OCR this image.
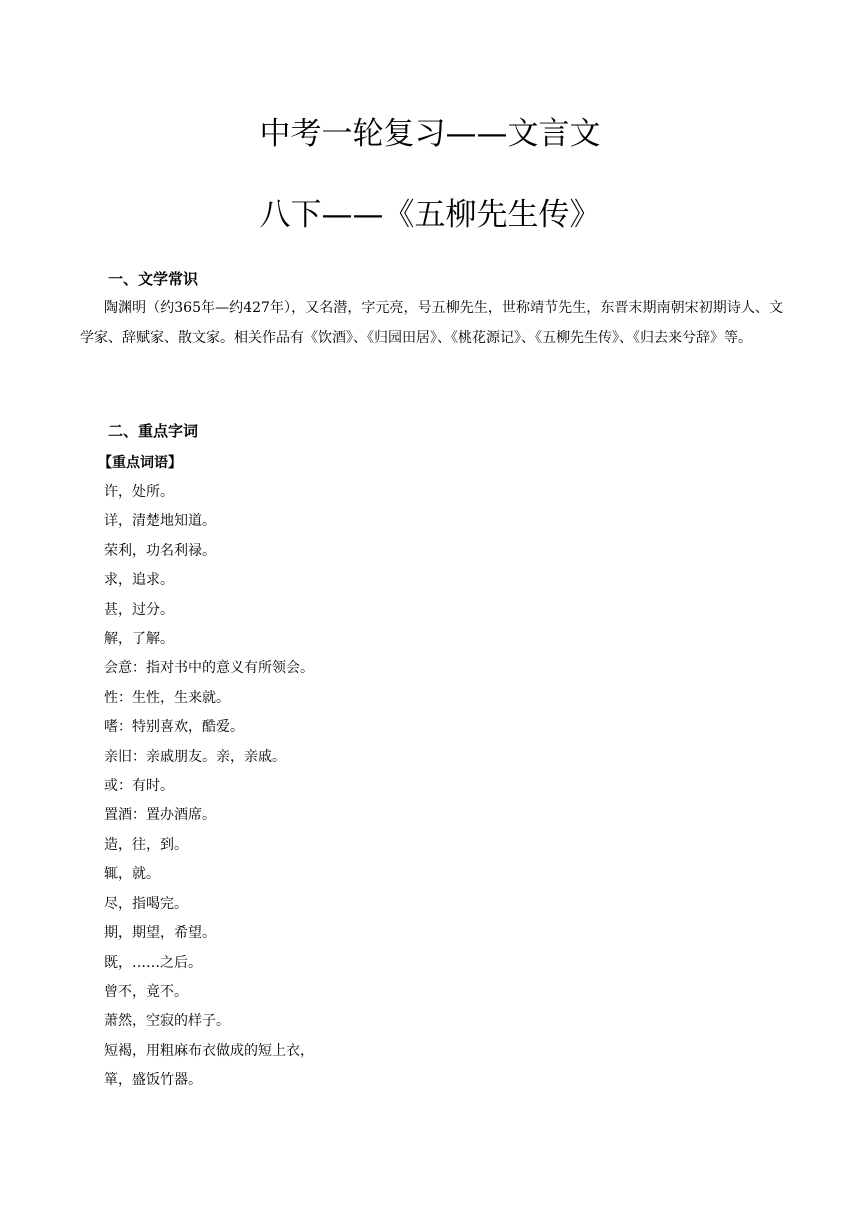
中考一轮复习——文言文
八下——《五柳先生传》
一、文学常识

陶渊明（约365年—约427年），又名潜，字元亮，号五柳先生，世称靖节先生，东晋末期南朝宋初期诗人、文学家、辞赋家、散文家。相关作品有《饮酒》、《归园田居》、《桃花源记》、《五柳先生传》、《归去来兮辞》等。

二、重点字词
【重点词语】
许，处所。
详，清楚地知道。
荣利，功名利禄。
求，追求。
甚，过分。
解，了解。
会意：指对书中的意义有所领会。
性：生性，生来就。
嗜：特别喜欢，酷爱。
亲旧：亲戚朋友。亲，亲戚。
或：有时。
置酒：置办酒席。
造，往，到。
辄，就。
尽，指喝完。
期，期望，希望。
既，……之后。
曾不，竟不。
萧然，空寂的样子。
短褐，用粗麻布衣做成的短上衣，
箪，盛饭竹器。
